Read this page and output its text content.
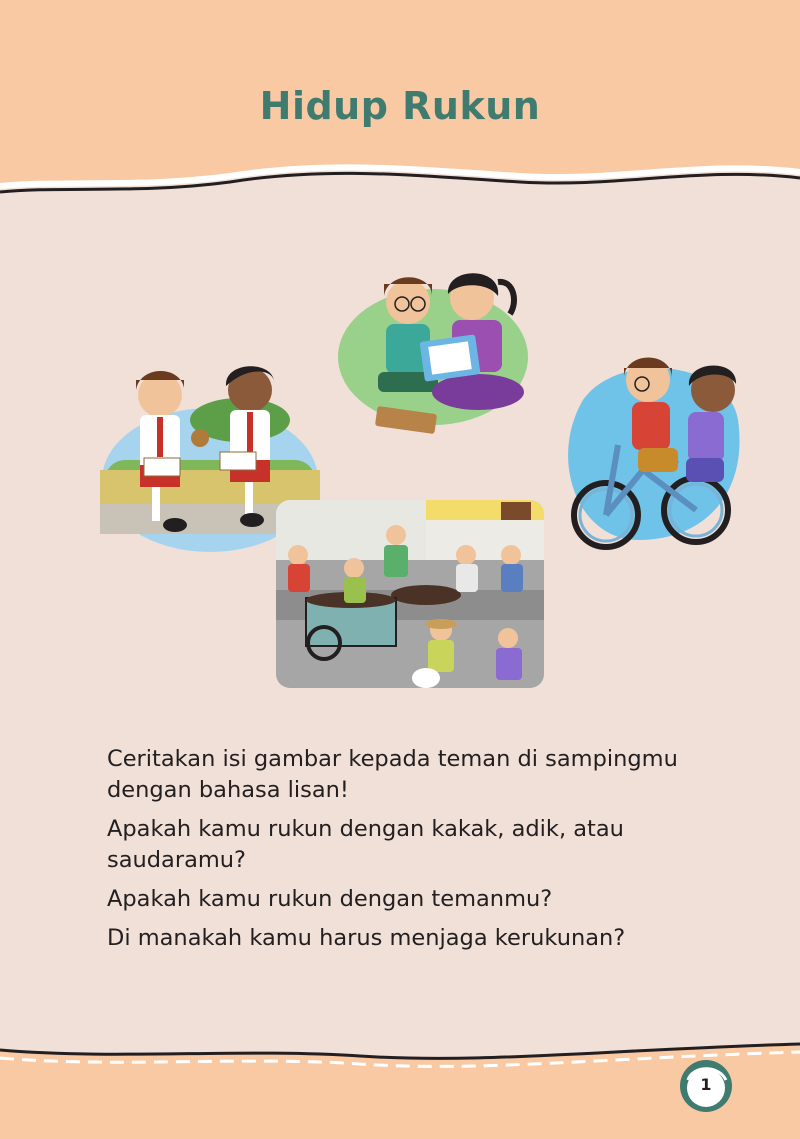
Hidup Rukun

Ceritakan isi gambar kepada teman di sampingmu dengan bahasa lisan!

Apakah kamu rukun dengan kakak, adik, atau saudaramu?

Apakah kamu rukun dengan temanmu?

Di manakah kamu harus menjaga kerukunan?

1
